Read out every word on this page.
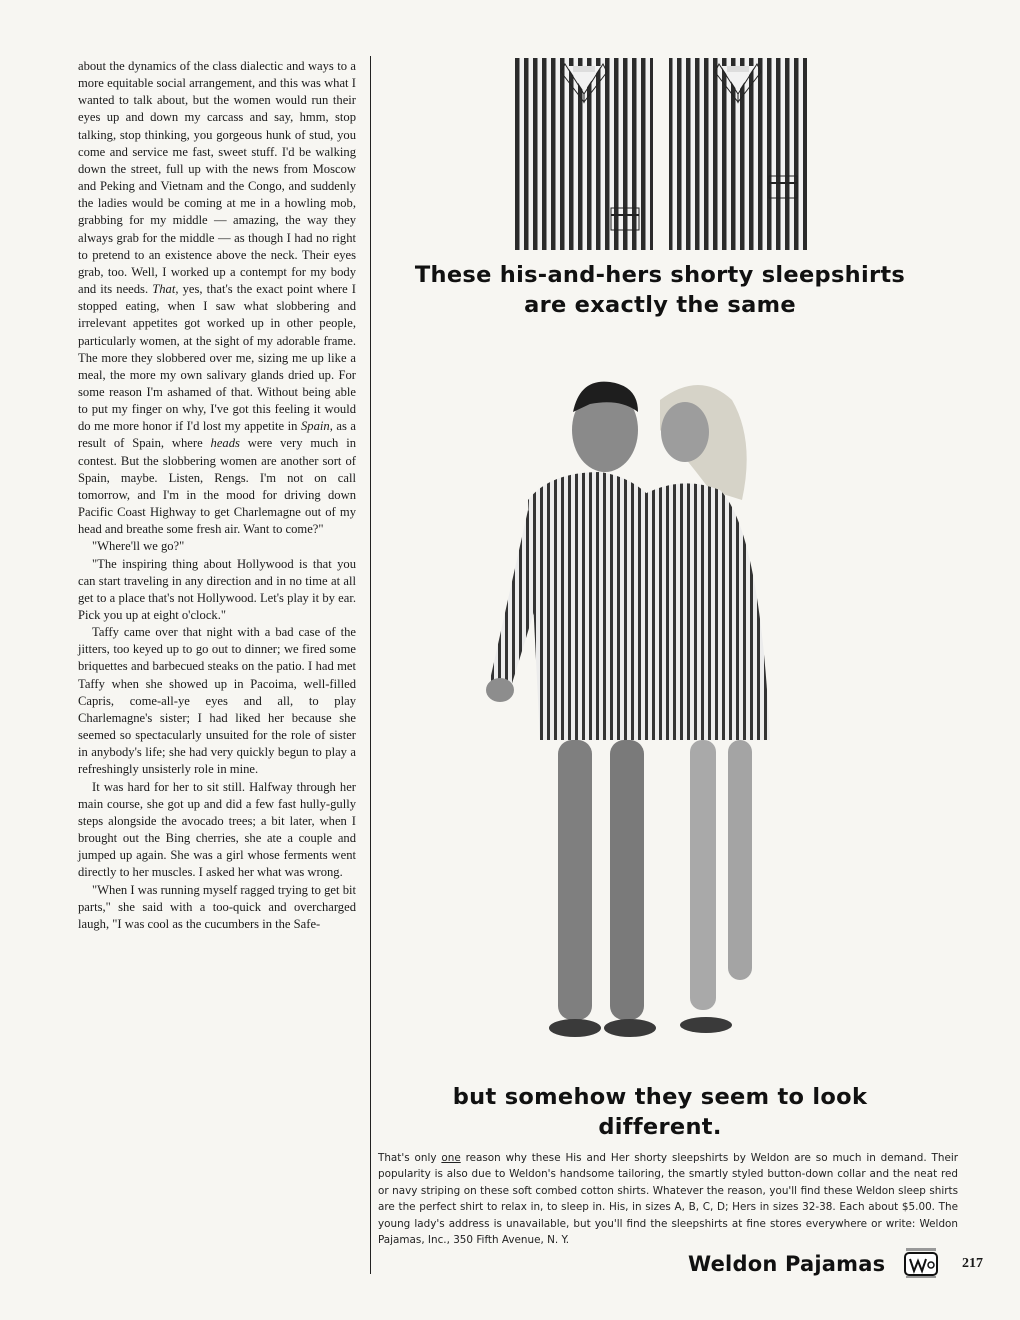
about the dynamics of the class dialectic and ways to a more equitable social arrangement, and this was what I wanted to talk about, but the women would run their eyes up and down my carcass and say, hmm, stop talking, stop thinking, you gorgeous hunk of stud, you come and service me fast, sweet stuff. I'd be walking down the street, full up with the news from Moscow and Peking and Vietnam and the Congo, and suddenly the ladies would be coming at me in a howling mob, grabbing for my middle — amazing, the way they always grab for the middle — as though I had no right to pretend to an existence above the neck. Their eyes grab, too. Well, I worked up a contempt for my body and its needs. That, yes, that's the exact point where I stopped eating, when I saw what slobbering and irrelevant appetites got worked up in other people, particularly women, at the sight of my adorable frame. The more they slobbered over me, sizing me up like a meal, the more my own salivary glands dried up. For some reason I'm ashamed of that. Without being able to put my finger on why, I've got this feeling it would do me more honor if I'd lost my appetite in Spain, as a result of Spain, where heads were very much in contest. But the slobbering women are another sort of Spain, maybe. Listen, Rengs. I'm not on call tomorrow, and I'm in the mood for driving down Pacific Coast Highway to get Charlemagne out of my head and breathe some fresh air. Want to come?"

"Where'll we go?"

"The inspiring thing about Hollywood is that you can start traveling in any direction and in no time at all get to a place that's not Hollywood. Let's play it by ear. Pick you up at eight o'clock."

Taffy came over that night with a bad case of the jitters, too keyed up to go out to dinner; we fired some briquettes and barbecued steaks on the patio. I had met Taffy when she showed up in Pacoima, well-filled Capris, come-all-ye eyes and all, to play Charlemagne's sister; I had liked her because she seemed so spectacularly unsuited for the role of sister in anybody's life; she had very quickly begun to play a refreshingly unsisterly role in mine.

It was hard for her to sit still. Halfway through her main course, she got up and did a few fast hully-gully steps alongside the avocado trees; a bit later, when I brought out the Bing cherries, she ate a couple and jumped up again. She was a girl whose ferments went directly to her muscles. I asked her what was wrong.

"When I was running myself ragged trying to get bit parts," she said with a too-quick and overcharged laugh, "I was cool as the cucumbers in the Safe-

These his-and-hers shorty sleepshirts are exactly the same
but somehow they seem to look different.

That's only one reason why these His and Her shorty sleepshirts by Weldon are so much in demand. Their popularity is also due to Weldon's handsome tailoring, the smartly styled button-down collar and the neat red or navy striping on these soft combed cotton shirts. Whatever the reason, you'll find these Weldon sleep shirts are the perfect shirt to relax in, to sleep in. His, in sizes A, B, C, D; Hers in sizes 32-38. Each about $5.00. The young lady's address is unavailable, but you'll find the sleepshirts at fine stores everywhere or write: Weldon Pajamas, Inc., 350 Fifth Avenue, N. Y.

Weldon Pajamas	217
